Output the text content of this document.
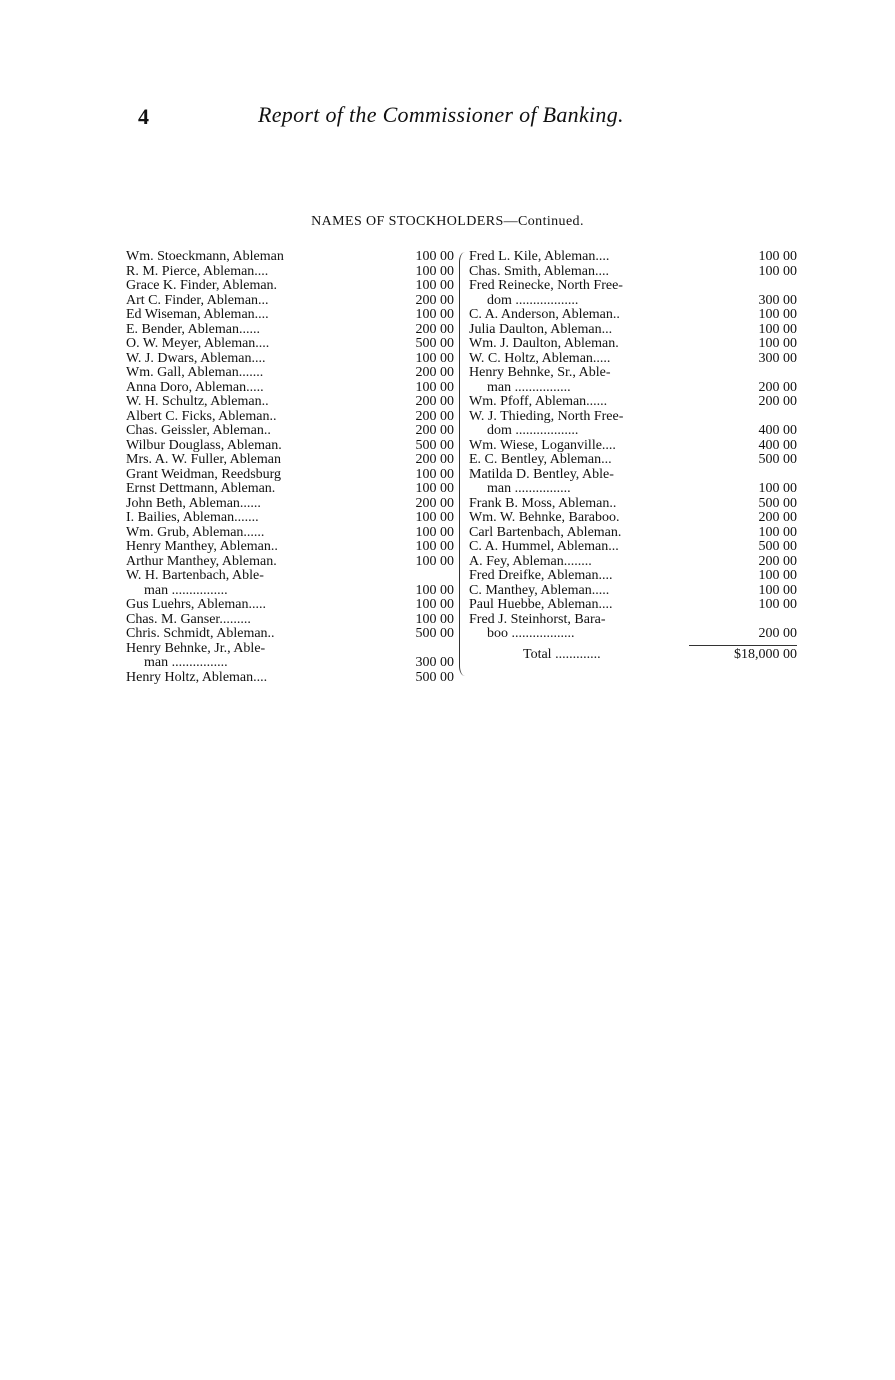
4	Report of the Commissioner of Banking.
NAMES OF STOCKHOLDERS—Continued.
Wm. Stoeckmann, Ableman	100 00
R. M. Pierce, Ableman....	100 00
Grace K. Finder, Ableman.	100 00
Art C. Finder, Ableman...	200 00
Ed Wiseman, Ableman....	100 00
E. Bender, Ableman......	200 00
O. W. Meyer, Ableman....	500 00
W. J. Dwars, Ableman....	100 00
Wm. Gall, Ableman.......	200 00
Anna Doro, Ableman.....	100 00
W. H. Schultz, Ableman..	200 00
Albert C. Ficks, Ableman..	200 00
Chas. Geissler, Ableman..	200 00
Wilbur Douglass, Ableman.	500 00
Mrs. A. W. Fuller, Ableman	200 00
Grant Weidman, Reedsburg	100 00
Ernst Dettmann, Ableman.	100 00
John Beth, Ableman......	200 00
I. Bailies, Ableman.......	100 00
Wm. Grub, Ableman......	100 00
Henry Manthey, Ableman..	100 00
Arthur Manthey, Ableman.	100 00
W. H. Bartenbach, Able-
man ................	100 00
Gus Luehrs, Ableman.....	100 00
Chas. M. Ganser.........	100 00
Chris. Schmidt, Ableman..	500 00
Henry Behnke, Jr., Able-
man ................	300 00
Henry Holtz, Ableman....	500 00
Fred L. Kile, Ableman....	100 00
Chas. Smith, Ableman....	100 00
Fred Reinecke, North Free-
dom ..................	300 00
C. A. Anderson, Ableman..	100 00
Julia Daulton, Ableman...	100 00
Wm. J. Daulton, Ableman.	100 00
W. C. Holtz, Ableman.....	300 00
Henry Behnke, Sr., Able-
man ................	200 00
Wm. Pfoff, Ableman......	200 00
W. J. Thieding, North Free-
dom ..................	400 00
Wm. Wiese, Loganville....	400 00
E. C. Bentley, Ableman...	500 00
Matilda D. Bentley, Able-
man ................	100 00
Frank B. Moss, Ableman..	500 00
Wm. W. Behnke, Baraboo.	200 00
Carl Bartenbach, Ableman.	100 00
C. A. Hummel, Ableman...	500 00
A. Fey, Ableman........	200 00
Fred Dreifke, Ableman....	100 00
C. Manthey, Ableman.....	100 00
Paul Huebbe, Ableman....	100 00
Fred J. Steinhorst, Bara-
boo ..................	200 00
Total .............	$18,000 00
